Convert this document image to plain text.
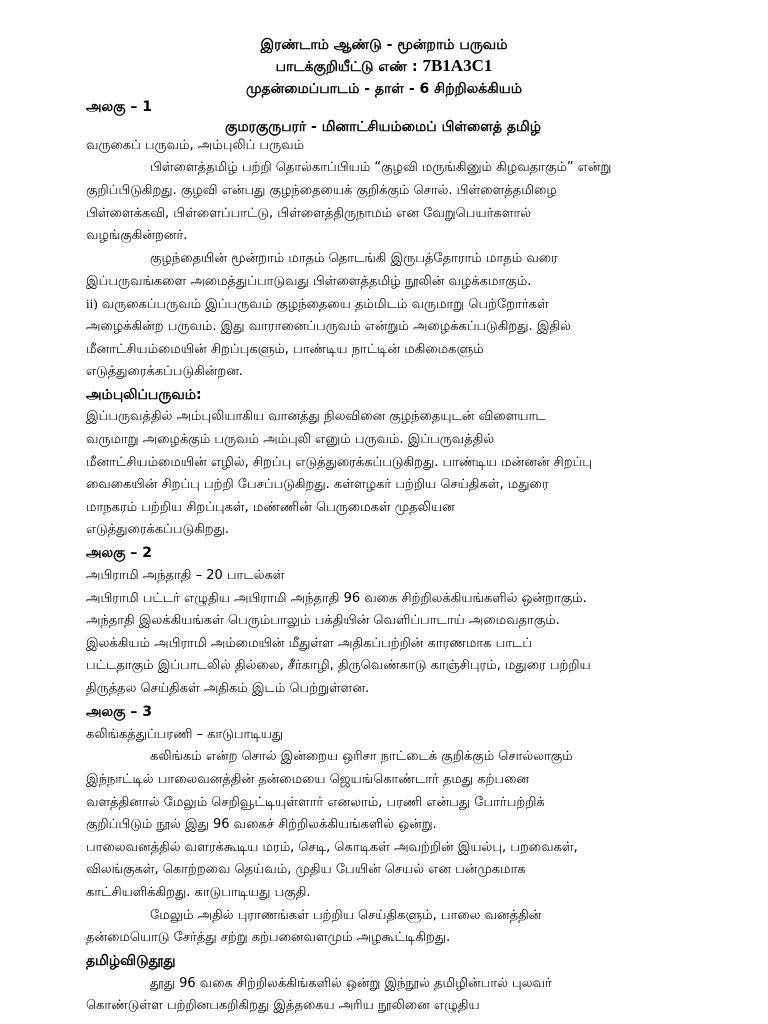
இரண்டாம் ஆண்டு - மூன்றாம் பருவம்
பாடக்குறியீட்டு எண் : 7B1A3C1
முதன்மைப்பாடம் - தாள் - 6 சிற்றிலக்கியம்
அலகு – 1
குமரகுருபரர் - மினாட்சியம்மைப் பிள்ளைத் தமிழ்
வருகைப் பருவம், அம்புலிப் பருவம்
பிள்ளைத்தமிழ் பற்றி தொல்காப்பியம் “குழவி மருங்கினும் கிழவதாகும்” என்று
குறிப்பிடுகிறது. குழவி என்பது குழந்தையைக் குறிக்கும் சொல். பிள்ளைத்தமிழை
பிள்ளைக்கவி, பிள்ளைப்பாட்டு, பிள்ளைத்திருநாமம் என வேறுபெயர்களால்
வழங்குகின்றனர்.
குழந்தையின் மூன்றாம் மாதம் தொடங்கி இருபத்தோராம் மாதம் வரை
இப்பருவங்களை அமைத்துப்பாடுவது பிள்ளைத்தமிழ் நூலின் வழக்கமாகும்.
ii) வருகைப்பருவம் இப்பருவம் குழந்தையை தம்மிடம் வருமாறு பெற்றோர்கள்
அழைக்கின்ற பருவம். இது வாரானைப்பருவம் என்றும் அழைக்கப்படுகிறது. இதில்
மீனாட்சியம்மையின் சிறப்புகளும், பாண்டிய நாட்டின் மகிமைகளும்
எடுத்துரைக்கப்படுகின்றன.
அம்புலிப்பருவம்:
இப்பருவத்தில் அம்புலியாகிய வானத்து நிலவினை குழந்தையுடன் விளையாட
வருமாறு அழைக்கும் பருவம் அம்புலி எனும் பருவம். இப்பருவத்தில்
மீனாட்சியம்மையின் எழில், சிறப்பு எடுத்துரைக்கப்படுகிறது. பாண்டிய மன்னன் சிறப்பு
வைகையின் சிறப்பு பற்றி பேசப்படுகிறது. கள்ளழகர் பற்றிய செய்திகள், மதுரை
மாநகரம் பற்றிய சிறப்புகள், மண்ணின் பெருமைகள் முதலியன
எடுத்துரைக்கப்படுகிறது.
அலகு – 2
அபிராமி அந்தாதி – 20 பாடல்கள்
அபிராமி பட்டர் எழுதிய அபிராமி அந்தாதி 96 வகை சிற்றிலக்கியங்களில் ஒன்றாகும்.
அந்தாதி இலக்கியங்கள் பெரும்பாலும் பக்தியின் வெளிப்பாடாய் அமைவதாகும்.
இலக்கியம் அபிராமி அம்மையின் மீதுள்ள அதிகப்பற்றின் காரணமாக பாடப்
பட்டதாகும் இப்பாடலில் தில்லை, சீர்காழி, திருவெண்காடு காஞ்சிபுரம், மதுரை பற்றிய
திருத்தல செய்திகள் அதிகம் இடம் பெற்றுள்ளன.
அலகு – 3
கலிங்கத்துப்பரணி – காடுபாடியது
கலிங்கம் என்ற சொல் இன்றைய ஒரிசா நாட்டைக் குறிக்கும் சொல்லாகும்
இந்நாட்டில் பாலைவனத்தின் தன்மையை ஜெயங்கொண்டார் தமது கற்பனை
வளத்தினால் மேலும் செறிவூட்டியுள்ளார் எனலாம், பரணி என்பது போர்பற்றிக்
குறிப்பிடும் நூல் இது 96 வகைச் சிற்றிலக்கியங்களில் ஒன்று.
பாலைவனத்தில் வளரக்கூடிய மரம், செடி, கொடிகள் அவற்றின் இயல்பு, பறவைகள்,
விலங்குகள், கொற்றவை தெய்வம், முதிய பேயின் செயல் என பன்முகமாக
காட்சியளிக்கிறது. காடுபாடியது பகுதி.
மேலும் அதில் புராணங்கள் பற்றிய செய்திகளும், பாலை வனத்தின்
தன்மையொடு சேர்த்து சற்று கற்பனைவளமும் அழகூட்டிகிறது.
தமிழ்விடுதூது
தூது 96 வகை சிற்றிலக்கிங்களில் ஒன்று இந்நூல் தமிழின்பால் புலவர்
கொண்டுள்ள பற்றினபகறிகிறது இத்தகைய அரிய நூலினை எழுதிய
